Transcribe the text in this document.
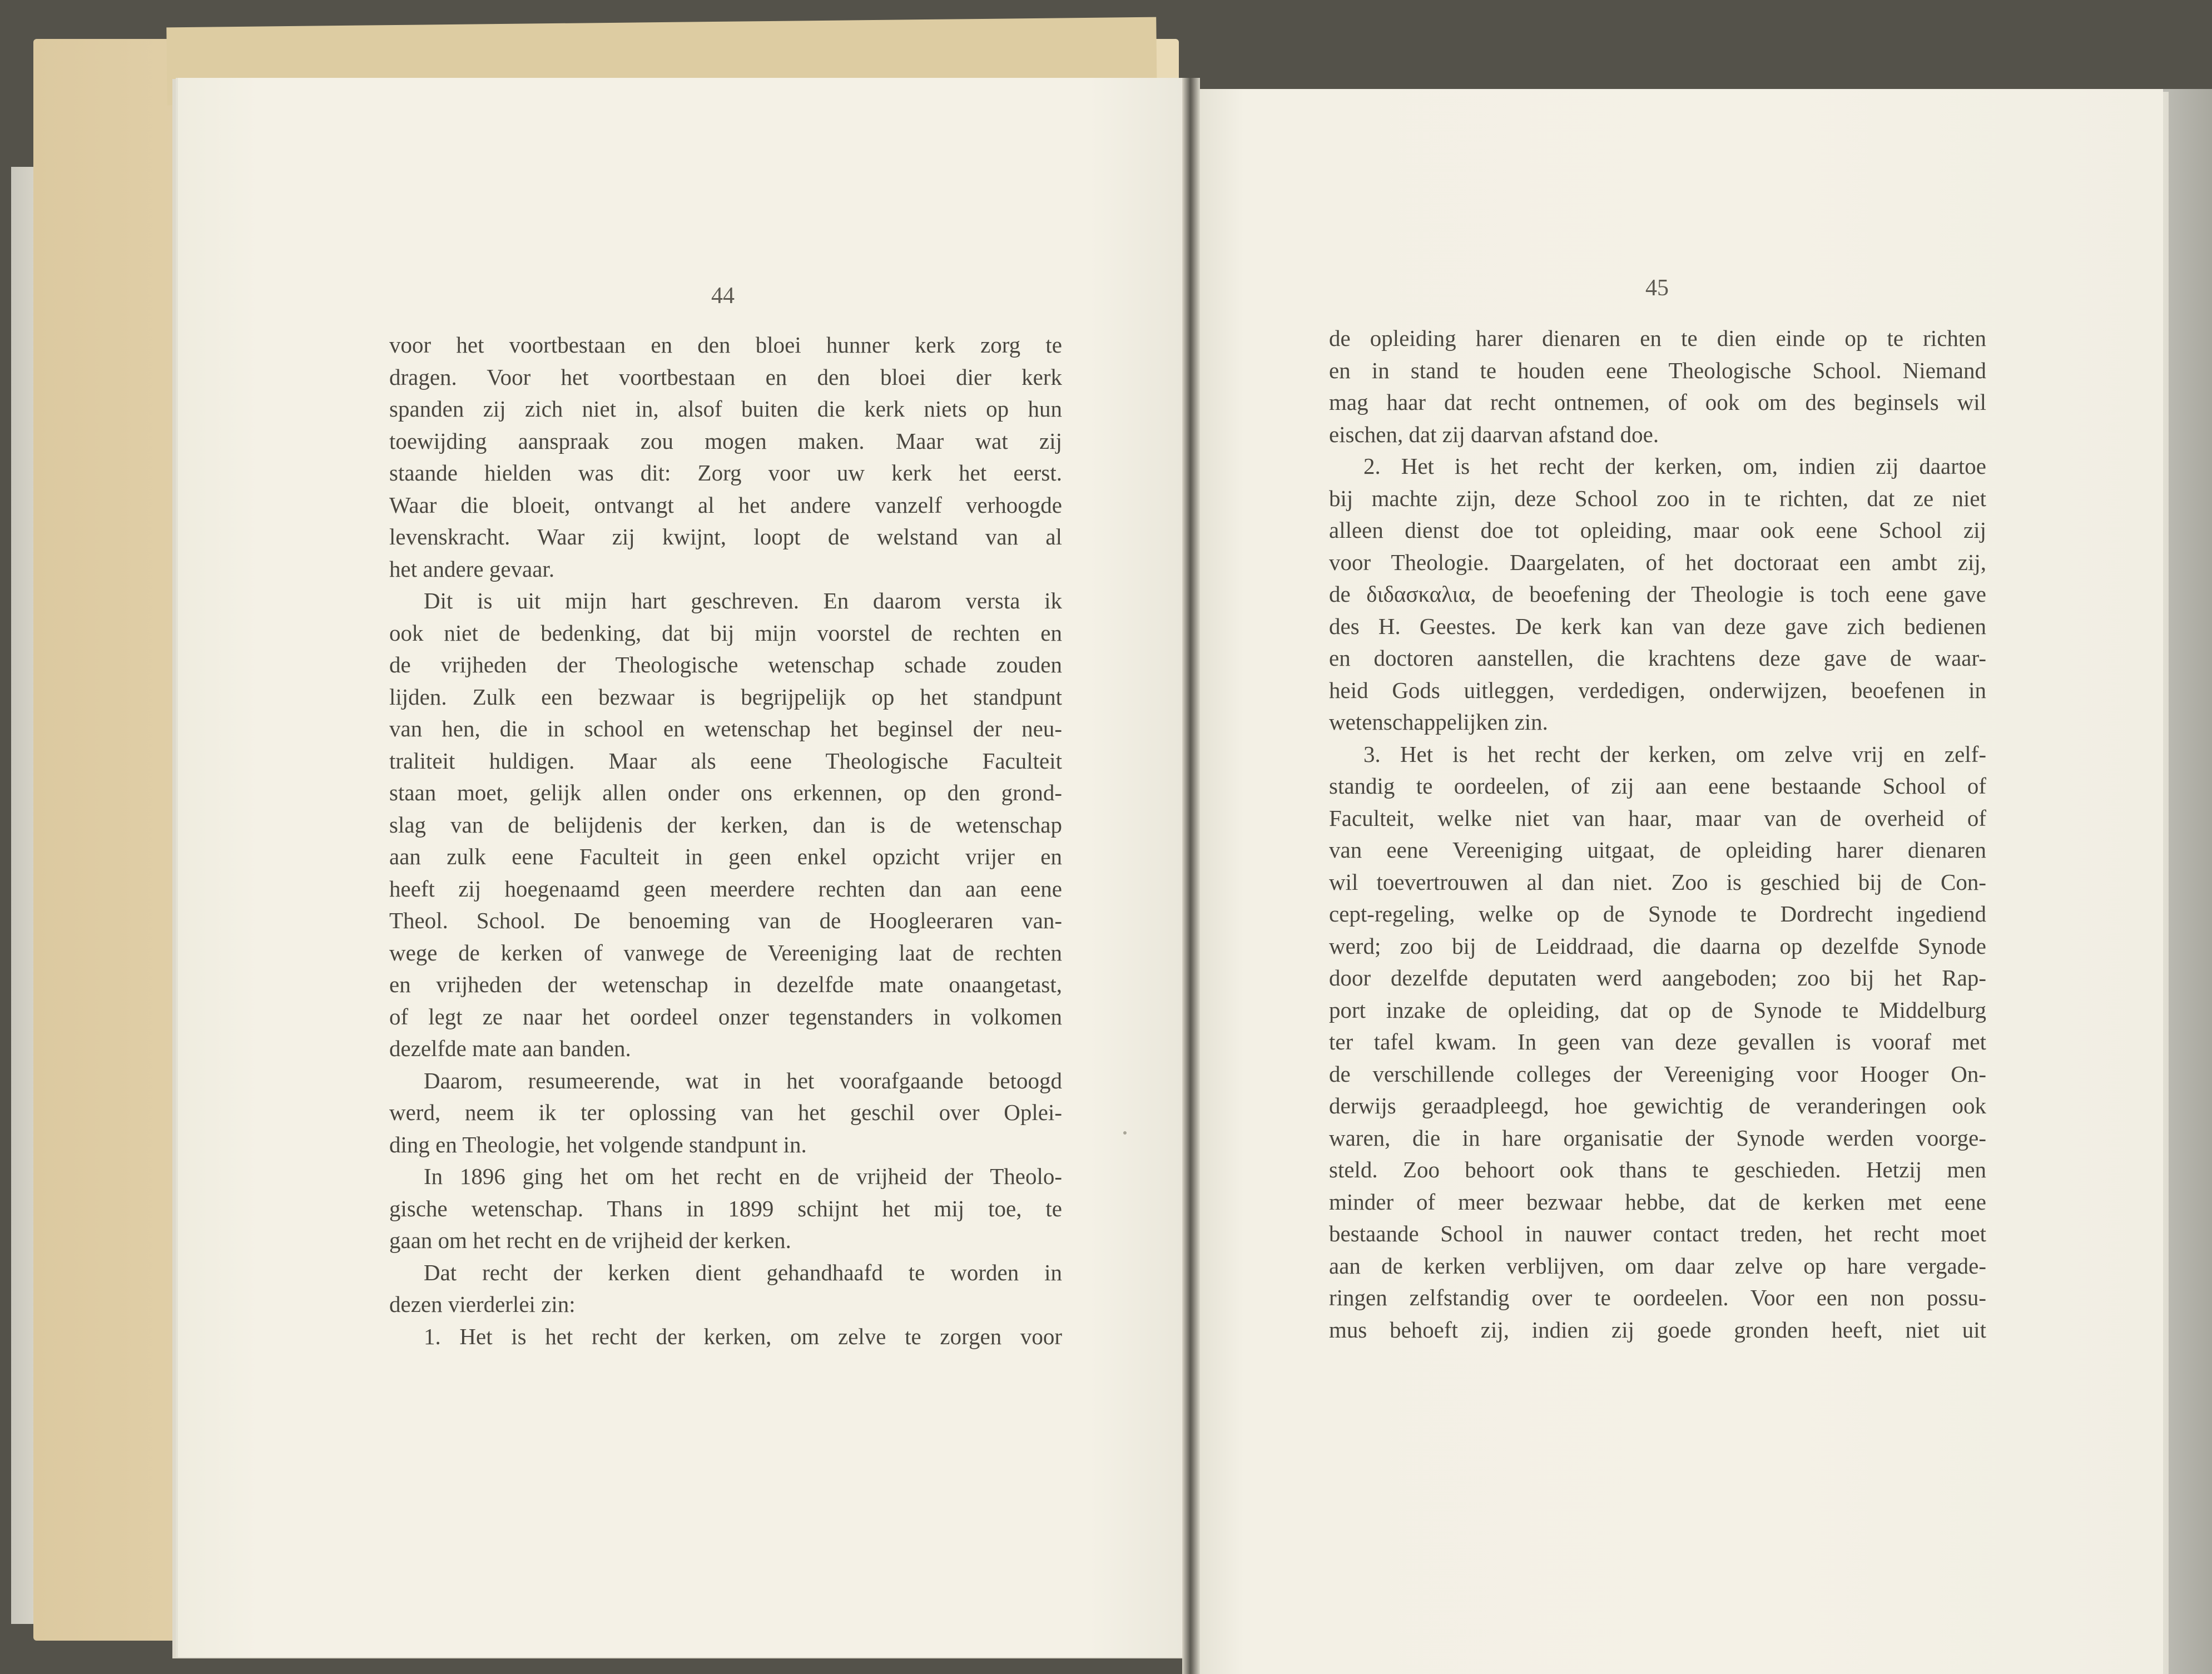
44	45
voor het voortbestaan en den bloei hunner kerk zorg te
dragen. Voor het voortbestaan en den bloei dier kerk
spanden zij zich niet in, alsof buiten die kerk niets op hun
toewijding aanspraak zou mogen maken. Maar wat zij
staande hielden was dit: Zorg voor uw kerk het eerst.
Waar die bloeit, ontvangt al het andere vanzelf verhoogde
levenskracht. Waar zij kwijnt, loopt de welstand van al
het andere gevaar.
Dit is uit mijn hart geschreven. En daarom versta ik
ook niet de bedenking, dat bij mijn voorstel de rechten en
de vrijheden der Theologische wetenschap schade zouden
lijden. Zulk een bezwaar is begrijpelijk op het standpunt
van hen, die in school en wetenschap het beginsel der neu-
traliteit huldigen. Maar als eene Theologische Faculteit
staan moet, gelijk allen onder ons erkennen, op den grond-
slag van de belijdenis der kerken, dan is de wetenschap
aan zulk eene Faculteit in geen enkel opzicht vrijer en
heeft zij hoegenaamd geen meerdere rechten dan aan eene
Theol. School. De benoeming van de Hoogleeraren van-
wege de kerken of vanwege de Vereeniging laat de rechten
en vrijheden der wetenschap in dezelfde mate onaangetast,
of legt ze naar het oordeel onzer tegenstanders in volkomen
dezelfde mate aan banden.
Daarom, resumeerende, wat in het voorafgaande betoogd
werd, neem ik ter oplossing van het geschil over Oplei-
ding en Theologie, het volgende standpunt in.
In 1896 ging het om het recht en de vrijheid der Theolo-
gische wetenschap. Thans in 1899 schijnt het mij toe, te
gaan om het recht en de vrijheid der kerken.
Dat recht der kerken dient gehandhaafd te worden in
dezen vierderlei zin:
1. Het is het recht der kerken, om zelve te zorgen voor
de opleiding harer dienaren en te dien einde op te richten
en in stand te houden eene Theologische School. Niemand
mag haar dat recht ontnemen, of ook om des beginsels wil
eischen, dat zij daarvan afstand doe.
2. Het is het recht der kerken, om, indien zij daartoe
bij machte zijn, deze School zoo in te richten, dat ze niet
alleen dienst doe tot opleiding, maar ook eene School zij
voor Theologie. Daargelaten, of het doctoraat een ambt zij,
de διδασκαλια, de beoefening der Theologie is toch eene gave
des H. Geestes. De kerk kan van deze gave zich bedienen
en doctoren aanstellen, die krachtens deze gave de waar-
heid Gods uitleggen, verdedigen, onderwijzen, beoefenen in
wetenschappelijken zin.
3. Het is het recht der kerken, om zelve vrij en zelf-
standig te oordeelen, of zij aan eene bestaande School of
Faculteit, welke niet van haar, maar van de overheid of
van eene Vereeniging uitgaat, de opleiding harer dienaren
wil toevertrouwen al dan niet. Zoo is geschied bij de Con-
cept-regeling, welke op de Synode te Dordrecht ingediend
werd; zoo bij de Leiddraad, die daarna op dezelfde Synode
door dezelfde deputaten werd aangeboden; zoo bij het Rap-
port inzake de opleiding, dat op de Synode te Middelburg
ter tafel kwam. In geen van deze gevallen is vooraf met
de verschillende colleges der Vereeniging voor Hooger On-
derwijs geraadpleegd, hoe gewichtig de veranderingen ook
waren, die in hare organisatie der Synode werden voorge-
steld. Zoo behoort ook thans te geschieden. Hetzij men
minder of meer bezwaar hebbe, dat de kerken met eene
bestaande School in nauwer contact treden, het recht moet
aan de kerken verblijven, om daar zelve op hare vergade-
ringen zelfstandig over te oordeelen. Voor een non possu-
mus behoeft zij, indien zij goede gronden heeft, niet uit
